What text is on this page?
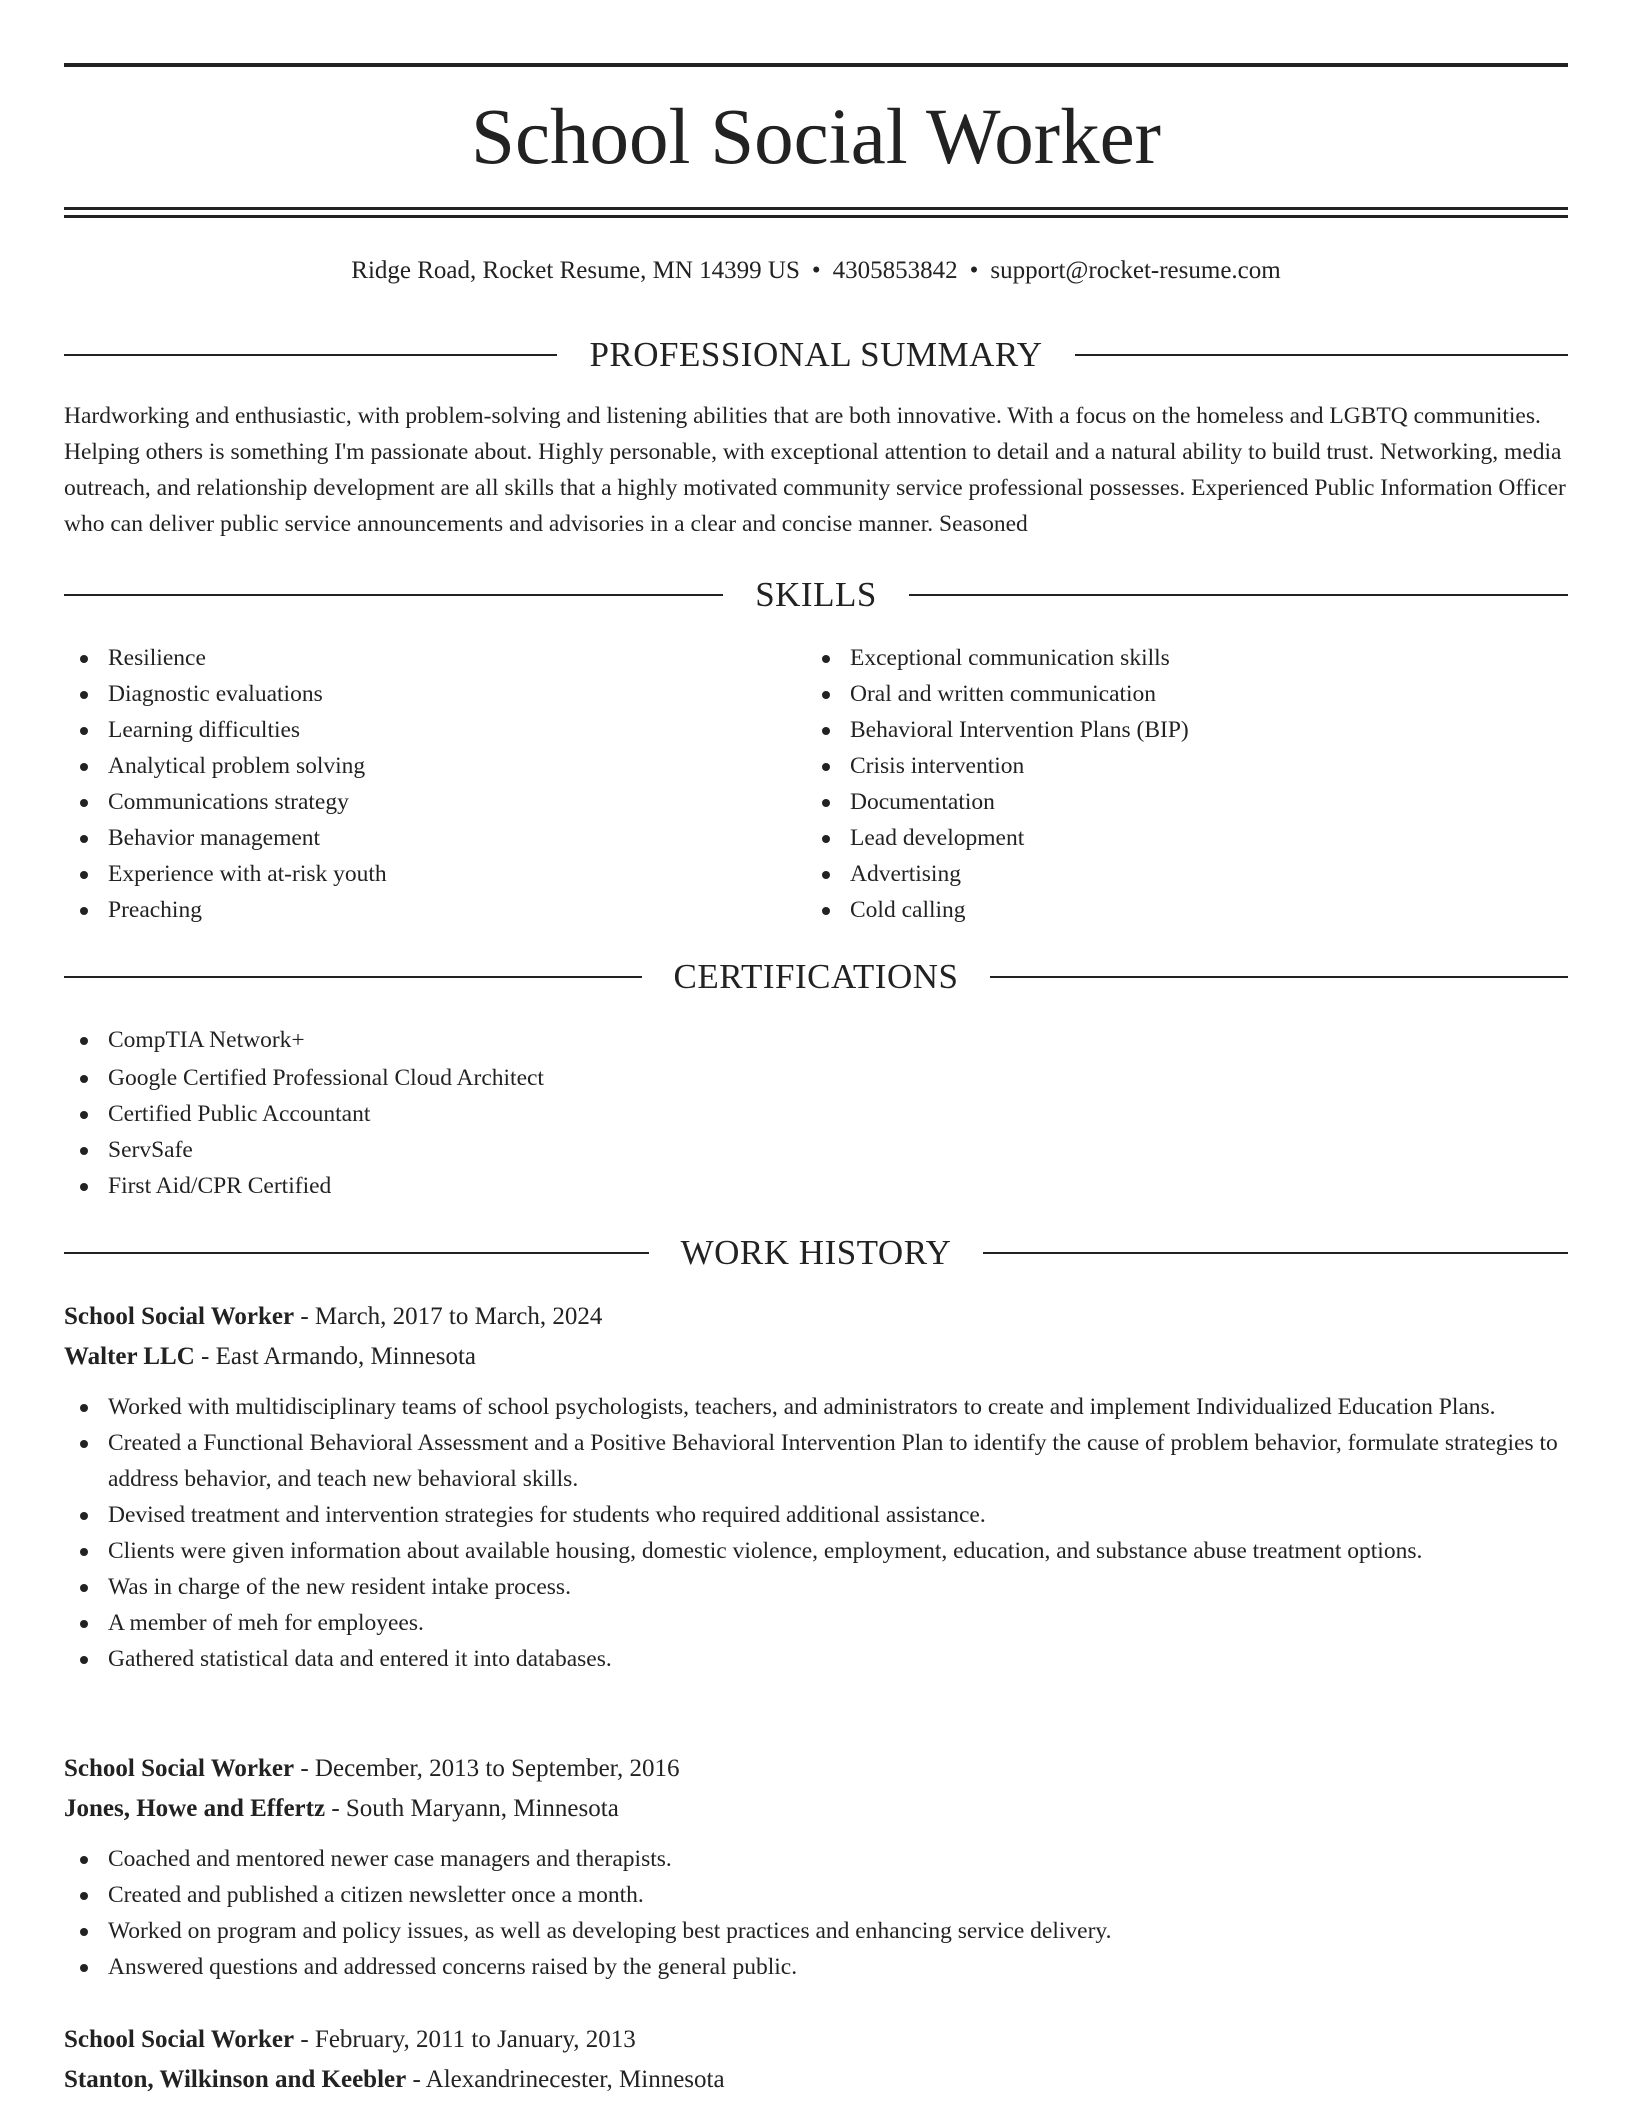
School Social Worker
Ridge Road, Rocket Resume, MN 14399 US • 4305853842 • support@rocket-resume.com
PROFESSIONAL SUMMARY

Hardworking and enthusiastic, with problem-solving and listening abilities that are both innovative. With a focus on the homeless and LGBTQ communities. Helping others is something I'm passionate about. Highly personable, with exceptional attention to detail and a natural ability to build trust. Networking, media outreach, and relationship development are all skills that a highly motivated community service professional possesses. Experienced Public Information Officer who can deliver public service announcements and advisories in a clear and concise manner. Seasoned

SKILLS
Resilience
Diagnostic evaluations
Learning difficulties
Analytical problem solving
Communications strategy
Behavior management
Experience with at-risk youth
Preaching
Exceptional communication skills
Oral and written communication
Behavioral Intervention Plans (BIP)
Crisis intervention
Documentation
Lead development
Advertising
Cold calling
CERTIFICATIONS
CompTIA Network+
Google Certified Professional Cloud Architect
Certified Public Accountant
ServSafe
First Aid/CPR Certified
WORK HISTORY
School Social Worker - March, 2017 to March, 2024
Walter LLC - East Armando, Minnesota
Worked with multidisciplinary teams of school psychologists, teachers, and administrators to create and implement Individualized Education Plans.
Created a Functional Behavioral Assessment and a Positive Behavioral Intervention Plan to identify the cause of problem behavior, formulate strategies to address behavior, and teach new behavioral skills.
Devised treatment and intervention strategies for students who required additional assistance.
Clients were given information about available housing, domestic violence, employment, education, and substance abuse treatment options.
Was in charge of the new resident intake process.
A member of meh for employees.
Gathered statistical data and entered it into databases.
School Social Worker - December, 2013 to September, 2016
Jones, Howe and Effertz - South Maryann, Minnesota
Coached and mentored newer case managers and therapists.
Created and published a citizen newsletter once a month.
Worked on program and policy issues, as well as developing best practices and enhancing service delivery.
Answered questions and addressed concerns raised by the general public.
School Social Worker - February, 2011 to January, 2013
Stanton, Wilkinson and Keebler - Alexandrinecester, Minnesota
